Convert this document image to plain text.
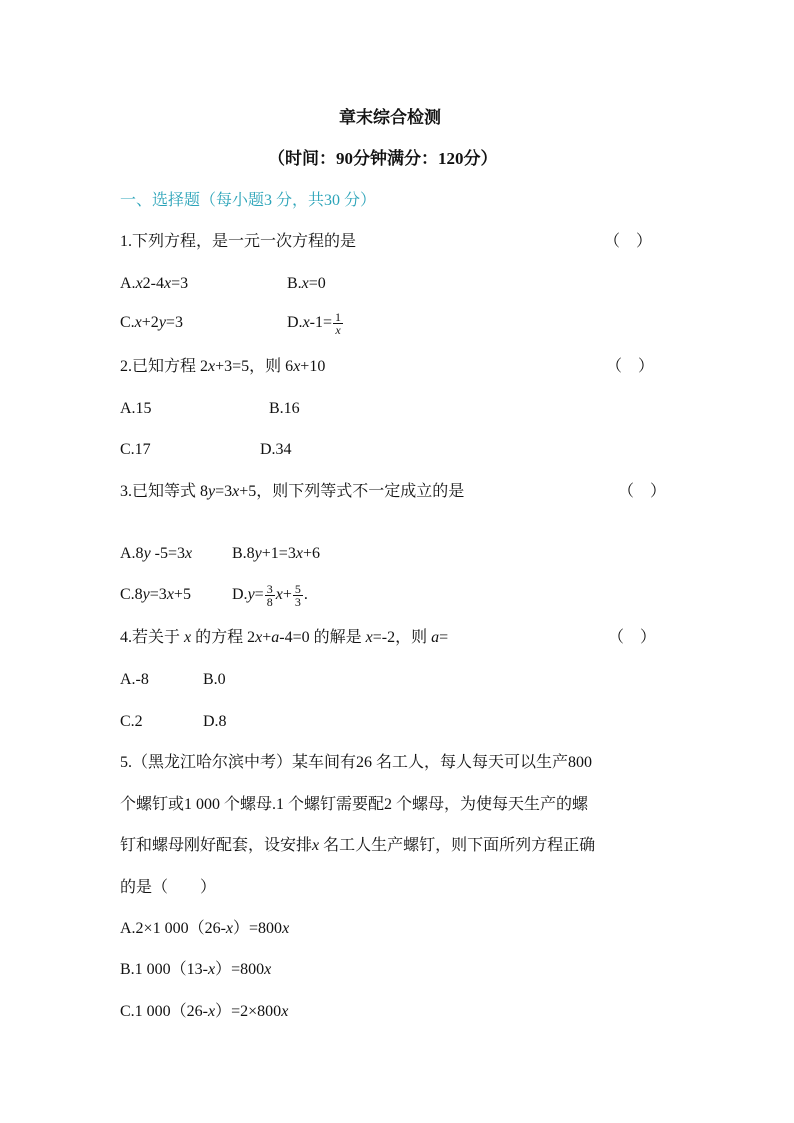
章末综合检测
（时间：90分钟满分：120分）
一、选择题（每小题3 分，共30 分）
1.下列方程，是一元一次方程的是	（　）
A.x2-4x=3	B.x=0
C.x+2y=3	$D.x-1= \frac{1}{x}$
2.已知方程 2x+3=5，则 6x+10	（　）
A.15	B.16
C.17	D.34
3.已知等式 8y=3x+5，则下列等式不一定成立的是	（　）
A.8y -5=3x B.8y+1=3x+6
C.8y=3x+5	$D.y= \frac{3}{8} x+ \frac{5}{3}$ .
4.若关于 x 的方程 2x+a-4=0 的解是 x=-2，则 a=	（　）
A.-8	B.0
C.2	D.8
5.（黑龙江哈尔滨中考）某车间有26 名工人，每人每天可以生产800
个螺钉或1 000 个螺母.1 个螺钉需要配2 个螺母，为使每天生产的螺
钉和螺母刚好配套，设安排x 名工人生产螺钉，则下面所列方程正确
的是（　　）
A.2×1 000（26-x）=800x
B.1 000（13-x）=800x
C.1 000（26-x）=2×800x
